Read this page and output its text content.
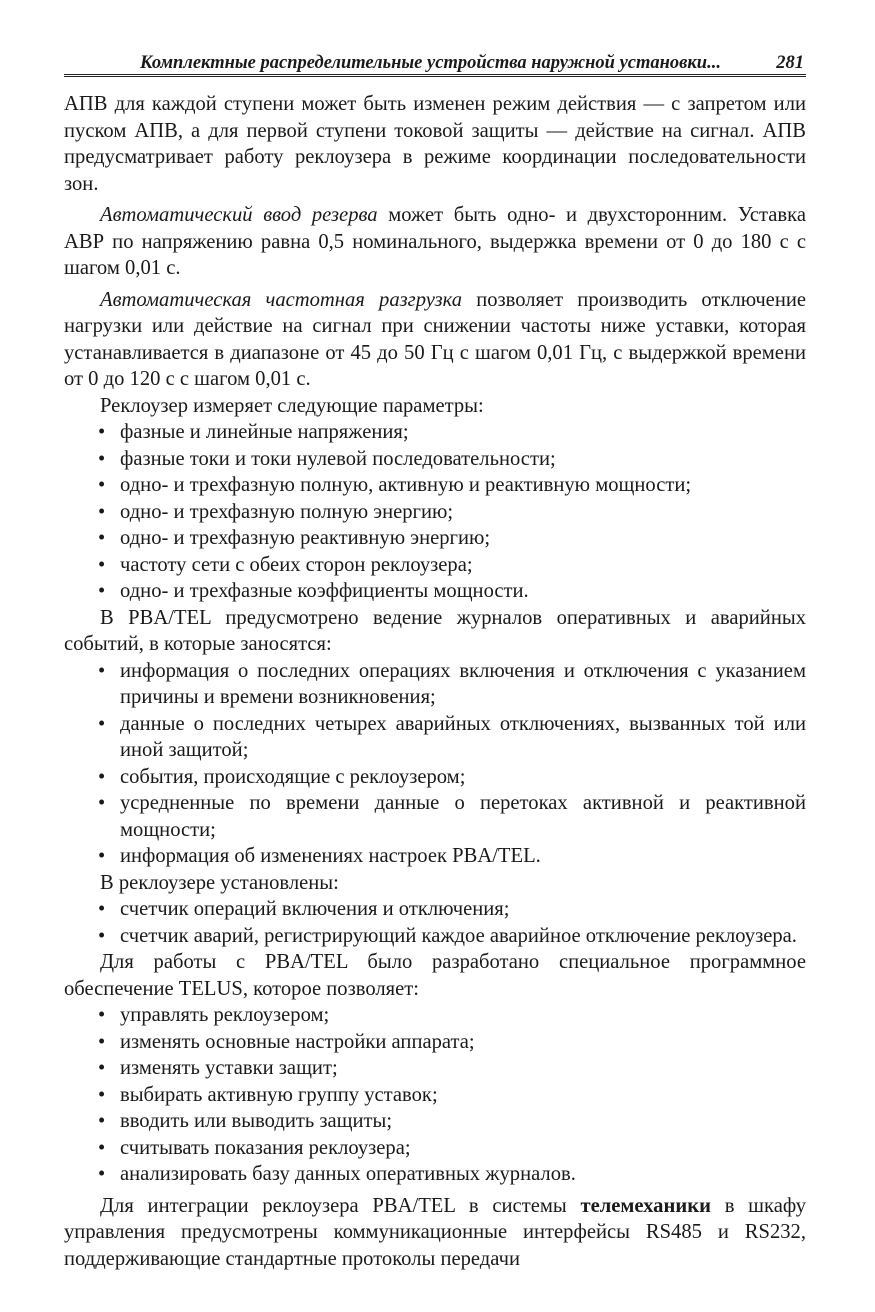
Комплектные распределительные устройства наружной установки...	281

АПВ для каждой ступени может быть изменен режим действия — с запретом или пуском АПВ, а для первой ступени токовой защиты — действие на сигнал. АПВ предусматривает работу реклоузера в режиме координации последовательности зон.

Автоматический ввод резерва может быть одно- и двухсторонним. Уставка АВР по напряжению равна 0,5 номинального, выдержка времени от 0 до 180 с с шагом 0,01 с.

Автоматическая частотная разгрузка позволяет производить отключение нагрузки или действие на сигнал при снижении частоты ниже уставки, которая устанавливается в диапазоне от 45 до 50 Гц с шагом 0,01 Гц, с выдержкой времени от 0 до 120 с с шагом 0,01 с.

Реклоузер измеряет следующие параметры:

• фазные и линейные напряжения;
• фазные токи и токи нулевой последовательности;
• одно- и трехфазную полную, активную и реактивную мощности;
• одно- и трехфазную полную энергию;
• одно- и трехфазную реактивную энергию;
• частоту сети с обеих сторон реклоузера;
• одно- и трехфазные коэффициенты мощности.

В PBA/TEL предусмотрено ведение журналов оперативных и аварийных событий, в которые заносятся:

• информация о последних операциях включения и отключения с указанием причины и времени возникновения;
• данные о последних четырех аварийных отключениях, вызванных той или иной защитой;
• события, происходящие с реклоузером;
• усредненные по времени данные о перетоках активной и реактивной мощности;
• информация об изменениях настроек PBA/TEL.

В реклоузере установлены:

• счетчик операций включения и отключения;
• счетчик аварий, регистрирующий каждое аварийное отключение реклоузера.

Для работы с PBA/TEL было разработано специальное программное обеспечение TELUS, которое позволяет:

• управлять реклоузером;
• изменять основные настройки аппарата;
• изменять уставки защит;
• выбирать активную группу уставок;
• вводить или выводить защиты;
• считывать показания реклоузера;
• анализировать базу данных оперативных журналов.

Для интеграции реклоузера PBA/TEL в системы телемеханики в шкафу управления предусмотрены коммуникационные интерфейсы RS485 и RS232, поддерживающие стандартные протоколы передачи
